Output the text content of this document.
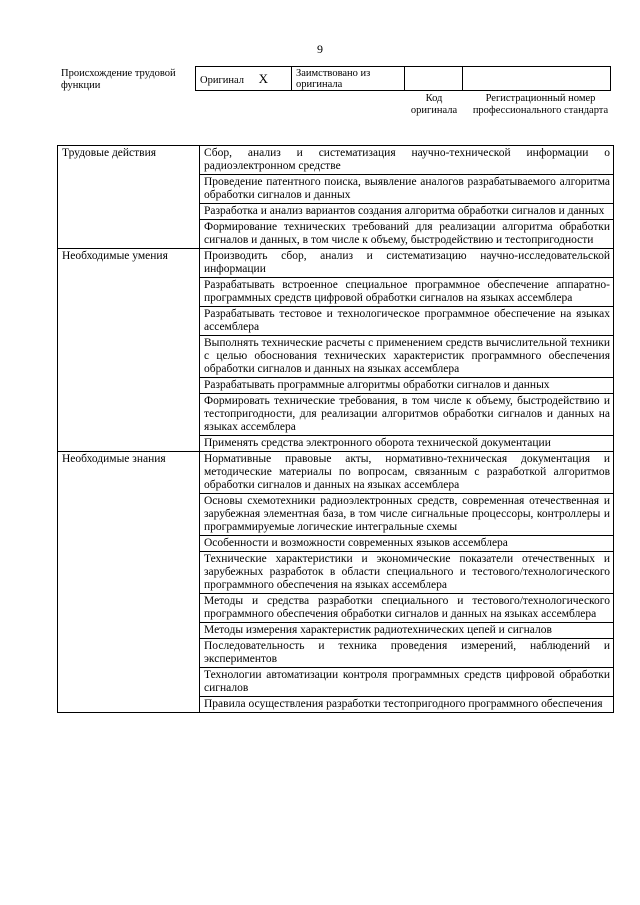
9
Происхождение трудовой функции	Оригинал X	Заимствовано из оригинала		
Код оригинала
Регистрационный номер профессионального стандарта
Трудовые действия	Сбор, анализ и систематизация научно-технической информации о радиоэлектронном средстве
	Проведение патентного поиска, выявление аналогов разрабатываемого алгоритма обработки сигналов и данных
	Разработка и анализ вариантов создания алгоритма обработки сигналов и данных
	Формирование технических требований для реализации алгоритма обработки сигналов и данных, в том числе к объему, быстродействию и тестопригодности
Необходимые умения	Производить сбор, анализ и систематизацию научно-исследовательской информации
	Разрабатывать встроенное специальное программное обеспечение аппаратно-программных средств цифровой обработки сигналов на языках ассемблера
	Разрабатывать тестовое и технологическое программное обеспечение на языках ассемблера
	Выполнять технические расчеты с применением средств вычислительной техники с целью обоснования технических характеристик программного обеспечения обработки сигналов и данных на языках ассемблера
	Разрабатывать программные алгоритмы обработки сигналов и данных
	Формировать технические требования, в том числе к объему, быстродействию и тестопригодности, для реализации алгоритмов обработки сигналов и данных на языках ассемблера
	Применять средства электронного оборота технической документации
Необходимые знания	Нормативные правовые акты, нормативно-техническая документация и методические материалы по вопросам, связанным с разработкой алгоритмов обработки сигналов и данных на языках ассемблера
	Основы схемотехники радиоэлектронных средств, современная отечественная и зарубежная элементная база, в том числе сигнальные процессоры, контроллеры и программируемые логические интегральные схемы
	Особенности и возможности современных языков ассемблера
	Технические характеристики и экономические показатели отечественных и зарубежных разработок в области специального и тестового/технологического программного обеспечения на языках ассемблера
	Методы и средства разработки специального и тестового/технологического программного обеспечения обработки сигналов и данных на языках ассемблера
	Методы измерения характеристик радиотехнических цепей и сигналов
	Последовательность и техника проведения измерений, наблюдений и экспериментов
	Технологии автоматизации контроля программных средств цифровой обработки сигналов
	Правила осуществления разработки тестопригодного программного обеспечения
